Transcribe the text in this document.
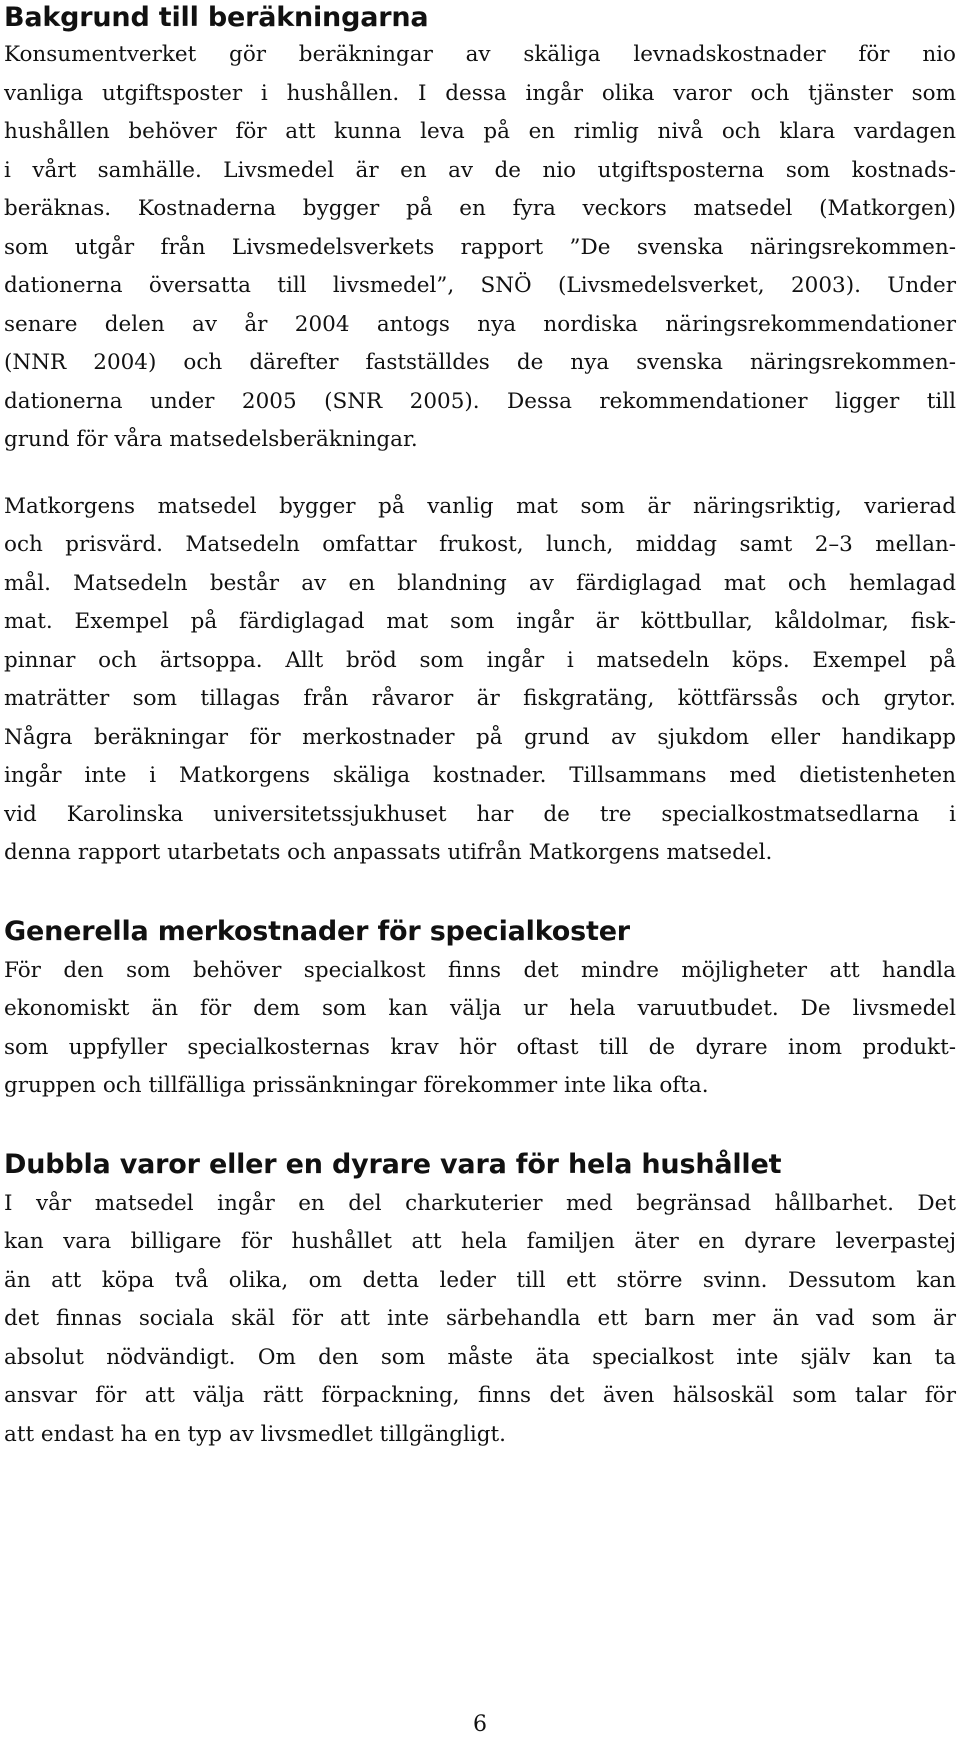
Bakgrund till beräkningarna
Konsumentverket gör beräkningar av skäliga levnadskostnader för nio
vanliga utgiftsposter i hushållen. I dessa ingår olika varor och tjänster som
hushållen behöver för att kunna leva på en rimlig nivå och klara vardagen
i vårt samhälle. Livsmedel är en av de nio utgiftsposterna som kostnads-
beräknas. Kostnaderna bygger på en fyra veckors matsedel (Matkorgen)
som utgår från Livsmedelsverkets rapport ”De svenska näringsrekommen-
dationerna översatta till livsmedel”, SNÖ (Livsmedelsverket, 2003). Under
senare delen av år 2004 antogs nya nordiska näringsrekommendationer
(NNR 2004) och därefter fastställdes de nya svenska näringsrekommen-
dationerna under 2005 (SNR 2005). Dessa rekommendationer ligger till
grund för våra matsedelsberäkningar.
Matkorgens matsedel bygger på vanlig mat som är näringsriktig, varierad
och prisvärd. Matsedeln omfattar frukost, lunch, middag samt 2–3 mellan-
mål. Matsedeln består av en blandning av färdiglagad mat och hemlagad
mat. Exempel på färdiglagad mat som ingår är köttbullar, kåldolmar, fisk-
pinnar och ärtsoppa. Allt bröd som ingår i matsedeln köps. Exempel på
maträtter som tillagas från råvaror är fiskgratäng, köttfärssås och grytor.
Några beräkningar för merkostnader på grund av sjukdom eller handikapp
ingår inte i Matkorgens skäliga kostnader. Tillsammans med dietistenheten
vid Karolinska universitetssjukhuset har de tre specialkostmatsedlarna i
denna rapport utarbetats och anpassats utifrån Matkorgens matsedel.
Generella merkostnader för specialkoster
För den som behöver specialkost finns det mindre möjligheter att handla
ekonomiskt än för dem som kan välja ur hela varuutbudet. De livsmedel
som uppfyller specialkosternas krav hör oftast till de dyrare inom produkt-
gruppen och tillfälliga prissänkningar förekommer inte lika ofta.
Dubbla varor eller en dyrare vara för hela hushållet
I vår matsedel ingår en del charkuterier med begränsad hållbarhet. Det
kan vara billigare för hushållet att hela familjen äter en dyrare leverpastej
än att köpa två olika, om detta leder till ett större svinn. Dessutom kan
det finnas sociala skäl för att inte särbehandla ett barn mer än vad som är
absolut nödvändigt. Om den som måste äta specialkost inte själv kan ta
ansvar för att välja rätt förpackning, finns det även hälsoskäl som talar för
att endast ha en typ av livsmedlet tillgängligt.
6
